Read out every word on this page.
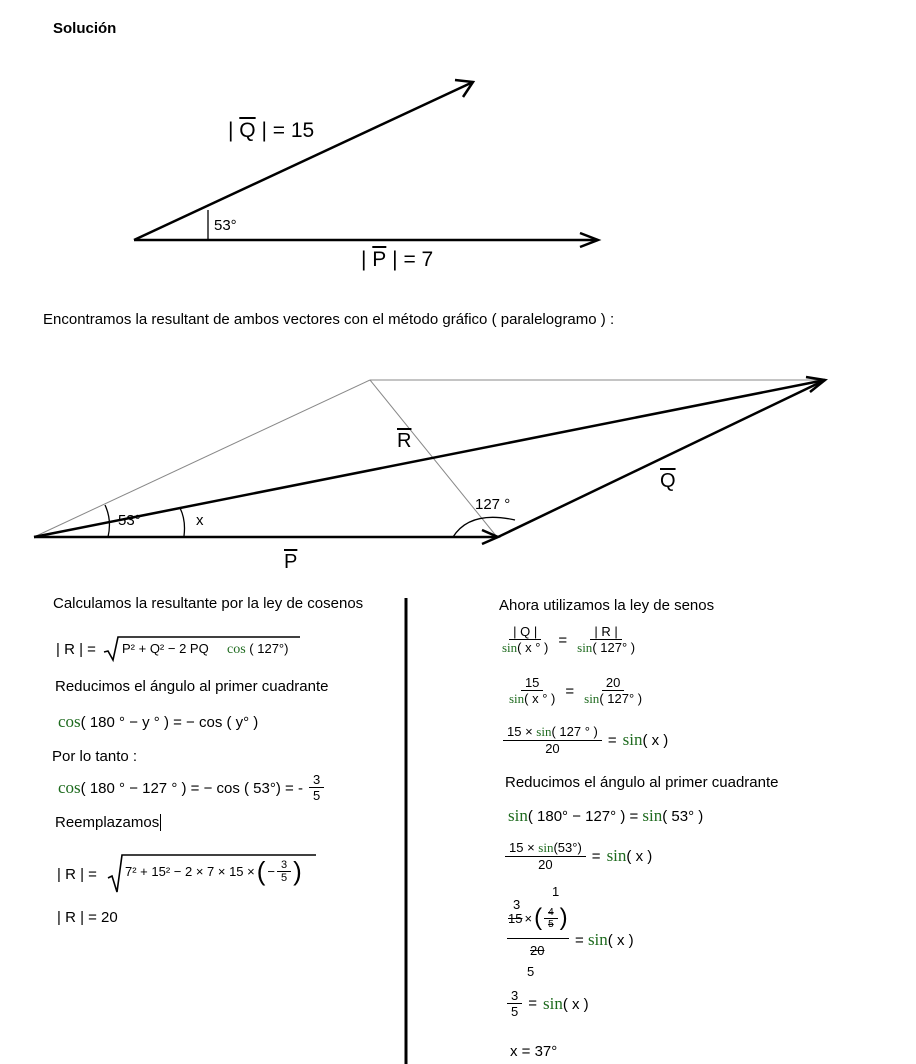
Solución
| $\overline{Q}$ | = 15
53°
| $\overline{P}$ | = 7
Encontramos la resultant de ambos vectores con el método gráfico ( paralelogramo ) :
$\overline{R}$
$\overline{Q}$
$\overline{P}$
53°	x
127 °
Calculamos la resultante por la ley de cosenos
| R | = P² + Q² − 2 PQ cos ( 127°)
Reducimos el ángulo al primer cuadrante
cos( 180 ° − y ° ) = − cos ( y° )
Por lo tanto :
cos( 180 ° − 127 ° ) = − cos ( 53°) = - $\frac{3}{5}$
Reemplazamos
| R | = 7² + 15² − 2 × 7 × 15 × ( − $\frac{3}{5}$ )
| R | = 20
Ahora utilizamos la ley de senos
$\frac{| Q |}{\sin( x ^\circ )} = \frac{| R |}{\sin( 127^\circ )}$
$\frac{15}{\sin( x ^\circ )} = \frac{20}{\sin( 127^\circ )}$
$\frac{15 \times \sin( 127 ^\circ )}{20} = \sin$( x )
Reducimos el ángulo al primer cuadrante
sin( 180° − 127° ) = sin( 53° )
$\frac{15 \times \sin(53^\circ)}{20} = \sin$( x )
1
3
15 × ( $\frac{4}{5}$ )
20
5
= sin( x )
$\frac{3}{5} = \sin$( x )
x = 37°
